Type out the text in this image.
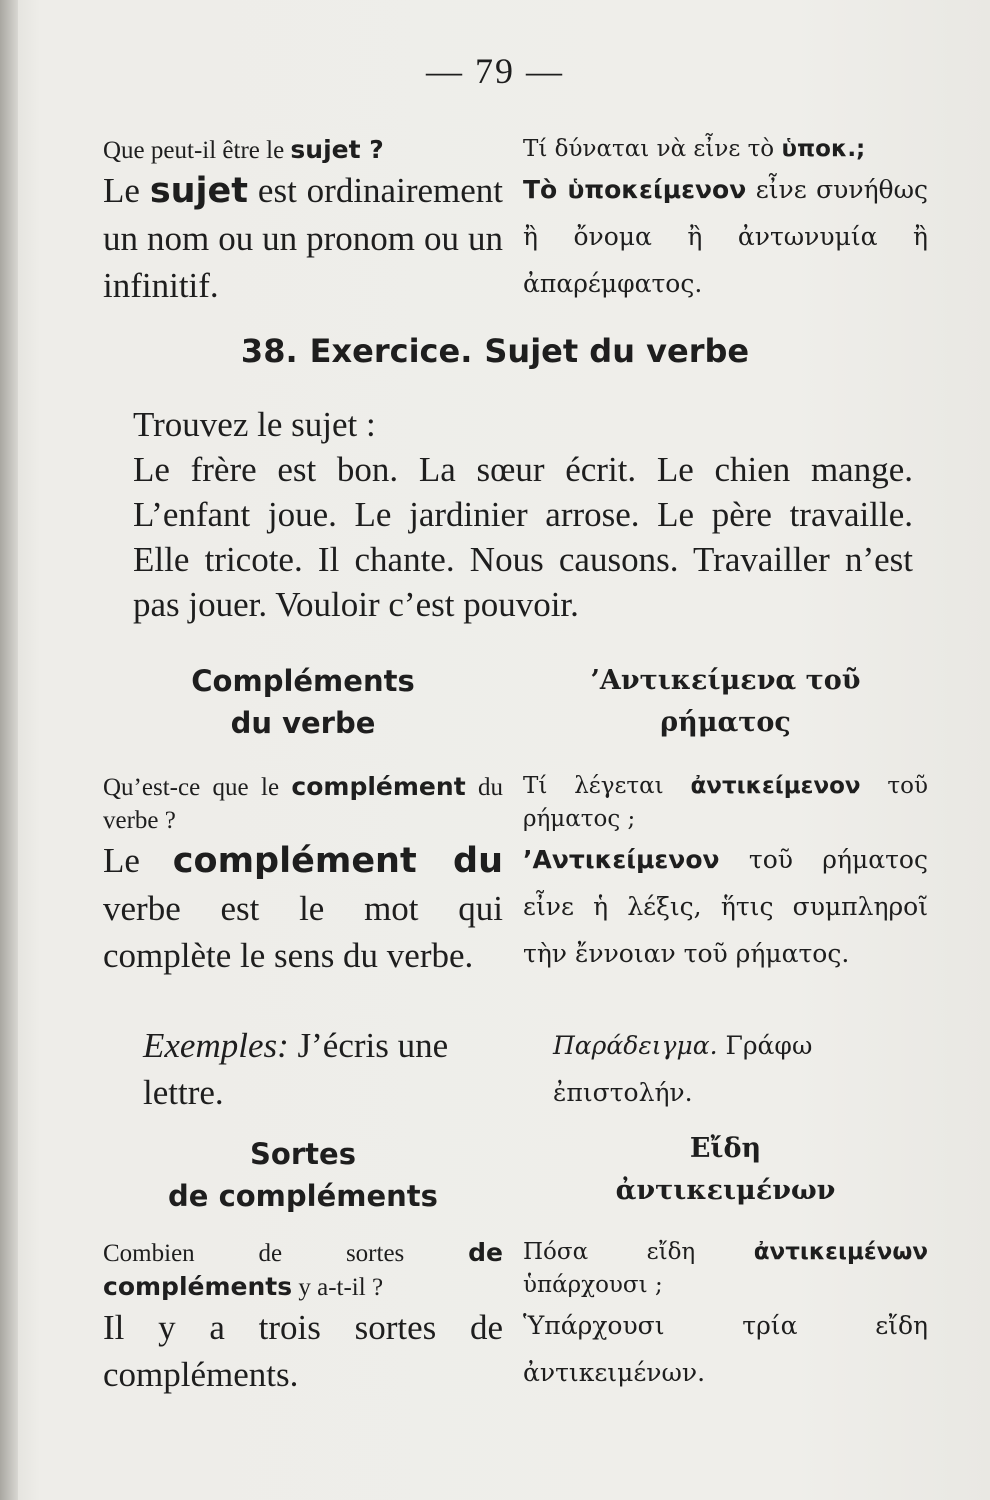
— 79 —
Que peut-il être le sujet ?
Le sujet est ordinairement un nom ou un pronom ou un infinitif.
Τί δύναται νὰ εἶνε τὸ ὑποκ.;
Τὸ ὑποκείμενον εἶνε συνήθως ἢ ὄνομα ἢ ἀντωνυμία ἢ ἀπαρέμφατος.
38. Exercice. Sujet du verbe
Trouvez le sujet :
Le frère est bon. La sœur écrit. Le chien mange. L’enfant joue. Le jardinier arrose. Le père travaille. Elle tricote. Il chante. Nous causons. Travailler n’est pas jouer. Vouloir c’est pouvoir.
Compléments
du verbe
’Αντικείμενα τοῦ
ρήματος
Qu’est-ce que le complément du verbe ?
Le complément du verbe est le mot qui complète le sens du verbe.
Τί λέγεται ἀντικείμενον τοῦ ρήματος ;
’Αντικείμενον τοῦ ρήματος εἶνε ἡ λέξις, ἥτις συμπληροῖ τὴν ἔννοιαν τοῦ ρήματος.
Exemples: J’écris une lettre.
Παράδειγμα. Γράφω ἐπιστολήν.
Sortes
de compléments
Εἴδη
ἀντικειμένων
Combien de sortes de compléments y a-t-il ?
Il y a trois sortes de compléments.
Πόσα εἴδη ἀντικειμένων ὑπάρχουσι ;
Ὑπάρχουσι τρία εἴδη ἀντικειμένων.
